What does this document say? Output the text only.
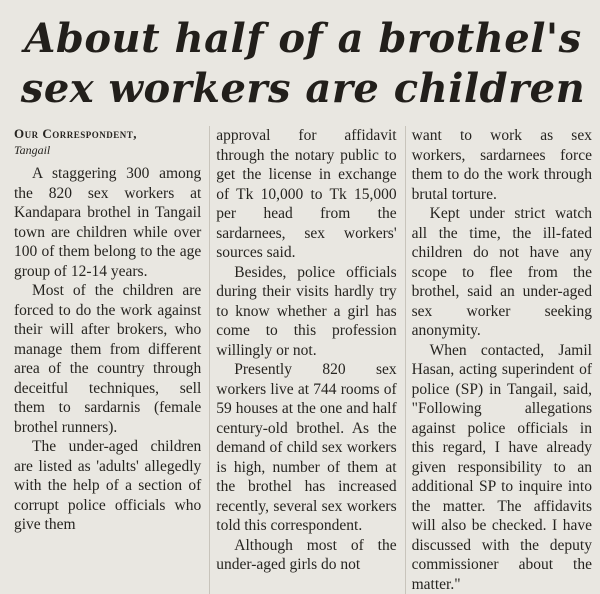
About half of a brothel's
sex workers are children
Our Correspondent,
Tangail

A staggering 300 among the 820 sex workers at Kandapara brothel in Tangail town are children while over 100 of them belong to the age group of 12-14 years.

Most of the children are forced to do the work against their will after brokers, who manage them from different area of the country through deceitful techniques, sell them to sardarnis (female brothel runners).

The under-aged children are listed as 'adults' allegedly with the help of a section of corrupt police officials who give them

approval for affidavit through the notary public to get the license in exchange of Tk 10,000 to Tk 15,000 per head from the sardarnees, sex workers' sources said.

Besides, police officials during their visits hardly try to know whether a girl has come to this profession willingly or not.

Presently 820 sex workers live at 744 rooms of 59 houses at the one and half century-old brothel. As the demand of child sex workers is high, number of them at the brothel has increased recently, several sex workers told this correspondent.

Although most of the under-aged girls do not

want to work as sex workers, sardarnees force them to do the work through brutal torture.

Kept under strict watch all the time, the ill-fated children do not have any scope to flee from the brothel, said an under-aged sex worker seeking anonymity.

When contacted, Jamil Hasan, acting superindent of police (SP) in Tangail, said, "Following allegations against police officials in this regard, I have already given responsibility to an additional SP to inquire into the matter. The affidavits will also be checked. I have discussed with the deputy commissioner about the matter."
